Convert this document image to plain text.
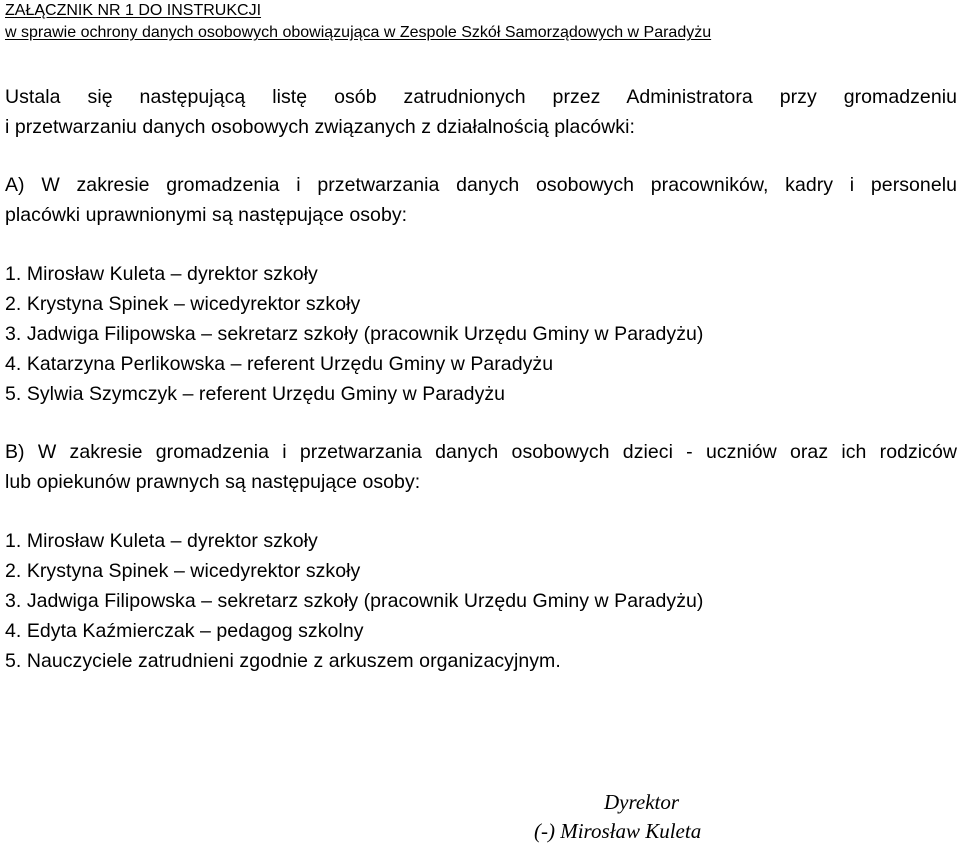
ZAŁĄCZNIK NR 1 DO INSTRUKCJI
w sprawie ochrony danych osobowych obowiązująca w Zespole Szkół Samorządowych w Paradyżu
Ustala się następującą listę osób zatrudnionych przez Administratora przy gromadzeniu
i przetwarzaniu danych osobowych związanych z działalnością placówki:
A) W zakresie gromadzenia i przetwarzania danych osobowych pracowników, kadry i personelu
placówki uprawnionymi są następujące osoby:
1. Mirosław Kuleta – dyrektor szkoły
2. Krystyna Spinek – wicedyrektor szkoły
3. Jadwiga Filipowska – sekretarz szkoły (pracownik Urzędu Gminy w Paradyżu)
4. Katarzyna Perlikowska – referent Urzędu Gminy w Paradyżu
5. Sylwia Szymczyk – referent Urzędu Gminy w Paradyżu
B) W zakresie gromadzenia i przetwarzania danych osobowych dzieci - uczniów oraz ich rodziców
lub opiekunów prawnych są następujące osoby:
1. Mirosław Kuleta – dyrektor szkoły
2. Krystyna Spinek – wicedyrektor szkoły
3. Jadwiga Filipowska – sekretarz szkoły (pracownik Urzędu Gminy w Paradyżu)
4. Edyta Kaźmierczak – pedagog szkolny
5. Nauczyciele zatrudnieni zgodnie z arkuszem organizacyjnym.
Dyrektor
(-) Mirosław Kuleta
